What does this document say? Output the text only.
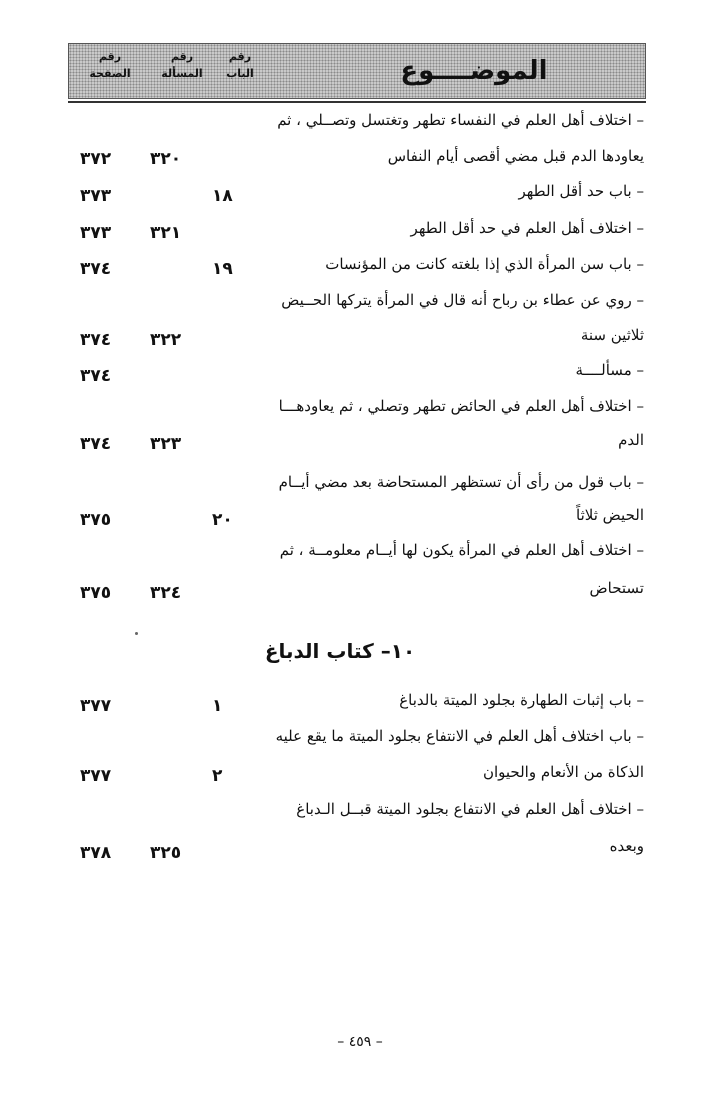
رقم
الصفحة
رقم
المسألة
رقم
الباب	الموضــــوع
– اختلاف أهل العلم في النفساء تطهر وتغتسل وتصــلي ، ثم
يعاودها الدم قبل مضي أقصى أيام النفاس
٣٢٠
٣٧٢
– باب حد أقل الطهر
١٨
٣٧٣
– اختلاف أهل العلم في حد أقل الطهر
٣٢١
٣٧٣
– باب سن المرأة الذي إذا بلغته كانت من المؤنسات
١٩
٣٧٤
– روي عن عطاء بن رباح أنه قال في المرأة يتركها الحــيض
ثلاثين سنة
٣٢٢
٣٧٤
– مسألــــة
٣٧٤
– اختلاف أهل العلم في الحائض تطهر وتصلي ، ثم يعاودهـــا
الدم
٣٢٣
٣٧٤
– باب قول من رأى أن تستظهر المستحاضة بعد مضي أيــام
الحيض ثلاثاً
٢٠
٣٧٥
– اختلاف أهل العلم في المرأة يكون لها أيــام معلومــة ، ثم
تستحاض
٣٢٤
٣٧٥
١٠– كتاب الدباغ
– باب إثبات الطهارة بجلود الميتة بالدباغ
١
٣٧٧
– باب اختلاف أهل العلم في الانتفاع بجلود الميتة ما يقع عليه
الذكاة من الأنعام والحيوان
٢
٣٧٧
– اختلاف أهل العلم في الانتفاع بجلود الميتة قبــل الـدباغ
وبعده
٣٢٥
٣٧٨
– ٤٥٩ –
